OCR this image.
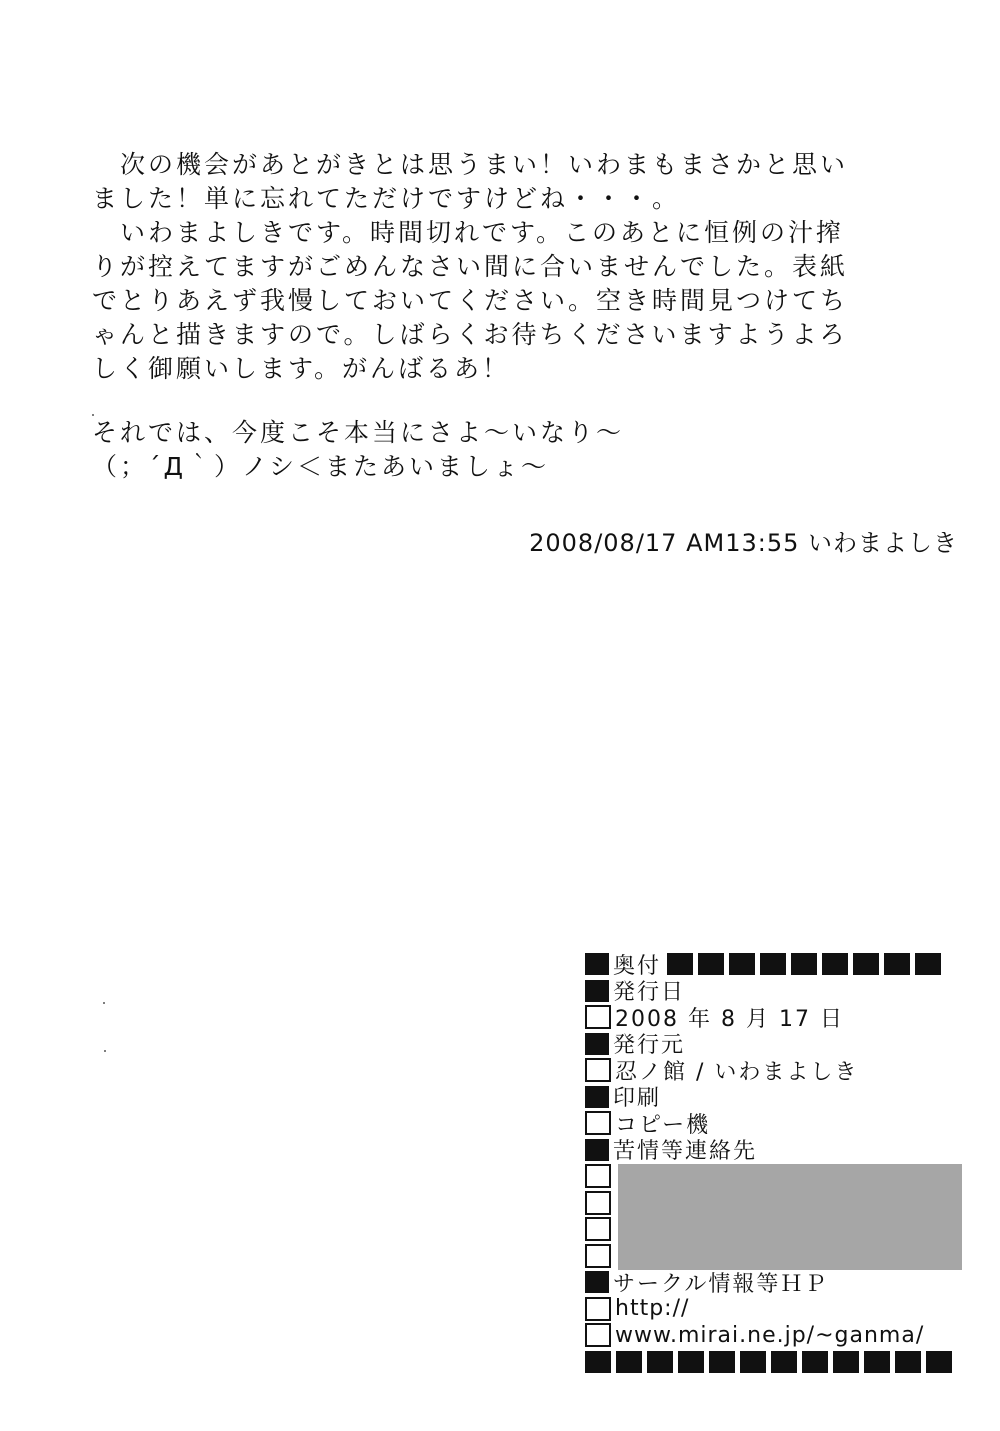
　次の機会があとがきとは思うまい！いわまもまさかと思い
ました！単に忘れてただけですけどね・・・。
　いわまよしきです。時間切れです。このあとに恒例の汁搾
りが控えてますがごめんなさい間に合いませんでした。表紙
でとりあえず我慢しておいてください。空き時間見つけてち
ゃんと描きますので。しばらくお待ちくださいますようよろ
しく御願いします。がんばるあ！
それでは、今度こそ本当にさよ～いなり～
（；´Д｀）ノシ＜またあいましょ～
2008/08/17 AM13:55 いわまよしき
奥付
発行日
2008 年 8 月 17 日
発行元
忍ノ館 / いわまよしき
印刷
コピー機
苦情等連絡先
サークル情報等ＨＰ
http://
www.mirai.ne.jp/~ganma/
